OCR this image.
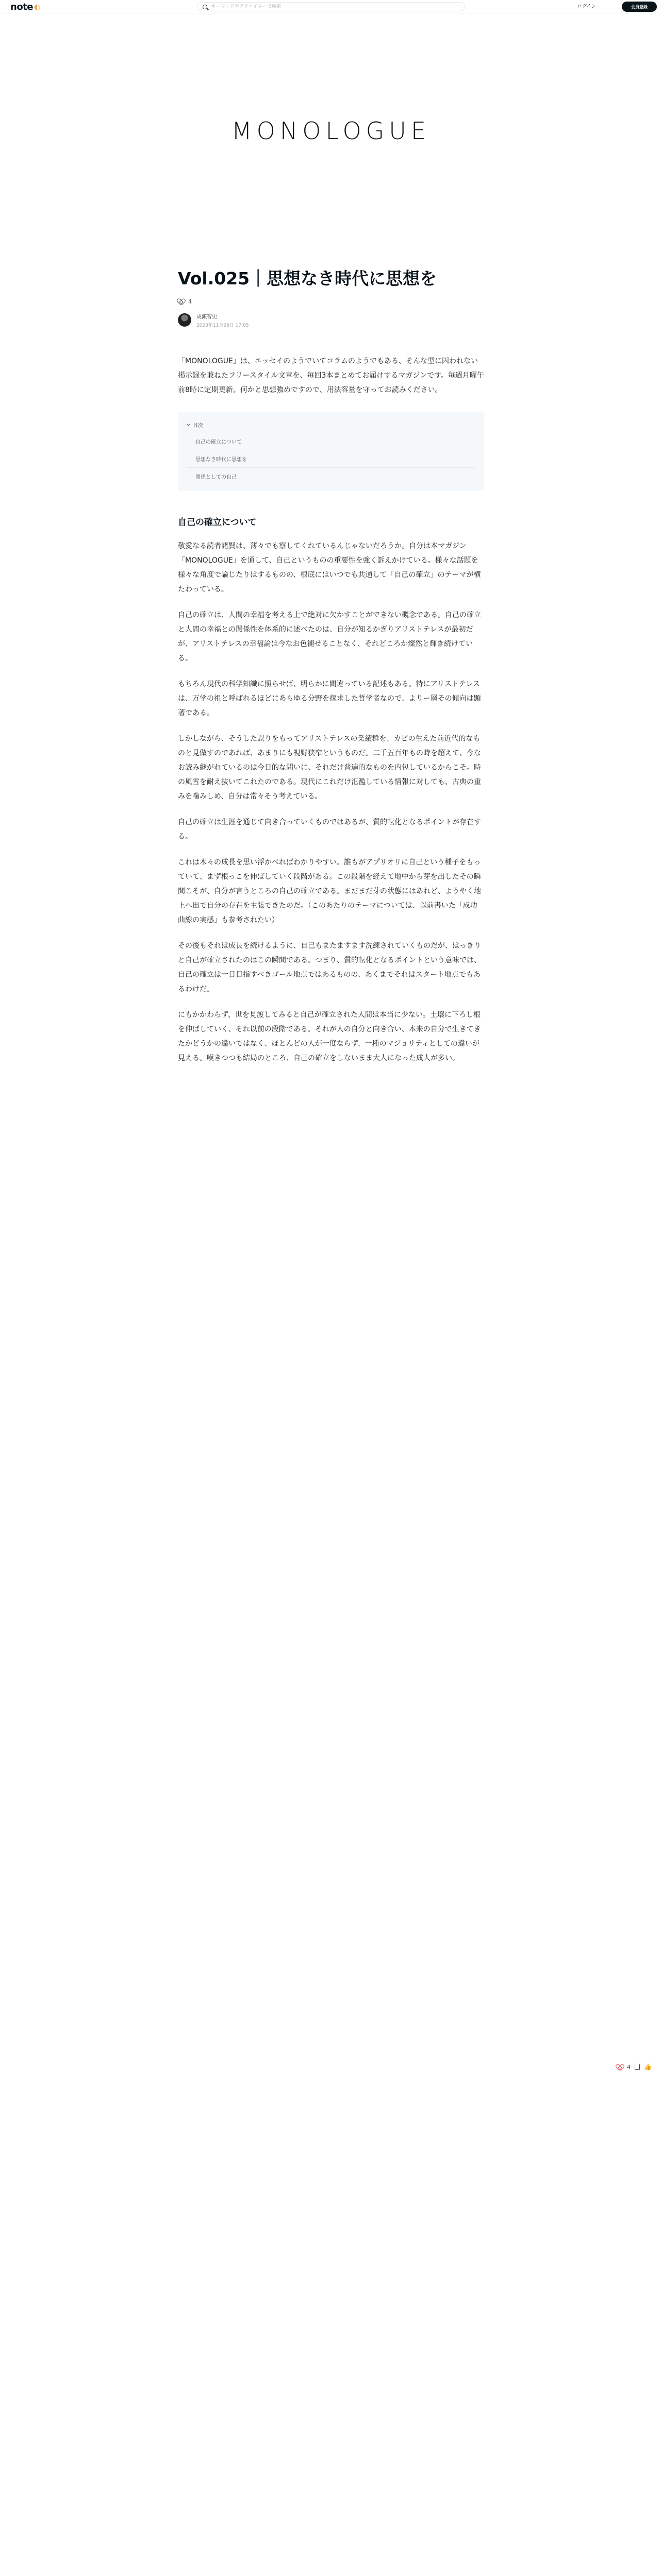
note ◐
キーワードやクリエイターで検索	ログイン	会員登録
MONOLOGUE
Vol.025｜思想なき時代に思想を
4
成瀬智史
2023年11月29日 17:05

「MONOLOGUE」は、エッセイのようでいてコラムのようでもある、そんな型に囚われない掲示録を兼ねたフリースタイル文章を、毎回3本まとめてお届けするマガジンです。毎週月曜午前8時に定期更新。何かと思想強めですので、用法容量を守ってお読みください。

目次
自己の確立について
思想なき時代に思想を
関係としての自己
自己の確立について

敬愛なる読者諸賢は、薄々でも察してくれているんじゃないだろうか。自分は本マガジン「MONOLOGUE」を通して、自己というものの重要性を強く訴えかけている。様々な話題を様々な角度で論じたりはするものの、根底にはいつでも共通して「自己の確立」のテーマが横たわっている。

自己の確立は、人間の幸福を考える上で絶対に欠かすことができない概念である。自己の確立と人間の幸福との関係性を体系的に述べたのは、自分が知るかぎりアリストテレスが最初だが、アリストテレスの幸福論は今なお色褪せることなく、それどころか燦然と輝き続けている。

もちろん現代の科学知識に照らせば、明らかに間違っている記述もある。特にアリストテレスは、万学の祖と呼ばれるほどにあらゆる分野を探求した哲学者なので、よりー層その傾向は顕著である。

しかしながら、そうした誤りをもってアリストテレスの業績群を、カビの生えた前近代的なものと見做すのであれば、あまりにも視野狭窄というものだ。二千五百年もの時を超えて、今なお読み継がれているのは今日的な問いに、それだけ普遍的なものを内包しているからこそ。時の風雪を耐え抜いてこれたのである。現代にこれだけ氾濫している情報に対しても、古典の重みを噛みしめ、自分は常々そう考えている。

自己の確立は生涯を通じて向き合っていくものではあるが、質的転化となるポイントが存在する。

これは木々の成長を思い浮かべればわかりやすい。誰もがアプリオリに自己という種子をもっていて、まず根っこを伸ばしていく段階がある。この段階を経えて地中から芽を出したその瞬間こそが、自分が言うところの自己の確立である。まだまだ芽の状態にはあれど、ようやく地上へ出で自分の存在を主張できたのだ。（このあたりのテーマについては、以前書いた「成功曲線の実感」も参考されたい）

その後もそれは成長を続けるように、自己もまたますます洗練されていくものだが、はっきりと自己が確立されたのはこの瞬間である。つまり、質的転化となるポイントという意味では、自己の確立は一日目指すべきゴール地点ではあるものの、あくまでそれはスタート地点でもあるわけだ。

にもかかわらず、世を見渡してみると自己が確立された人間は本当に少ない。土壌に下ろし根を伸ばしていく、それ以前の段階である。それが人の自分と向き合い、本来の自分で生きてきたかどうかの違いではなく、ほとんどの人が一度ならず、一種のマジョリティとしての違いが見える。嘆きつつも結局のところ、自己の確立をしないまま大人になった成人が多い。

4 👍
